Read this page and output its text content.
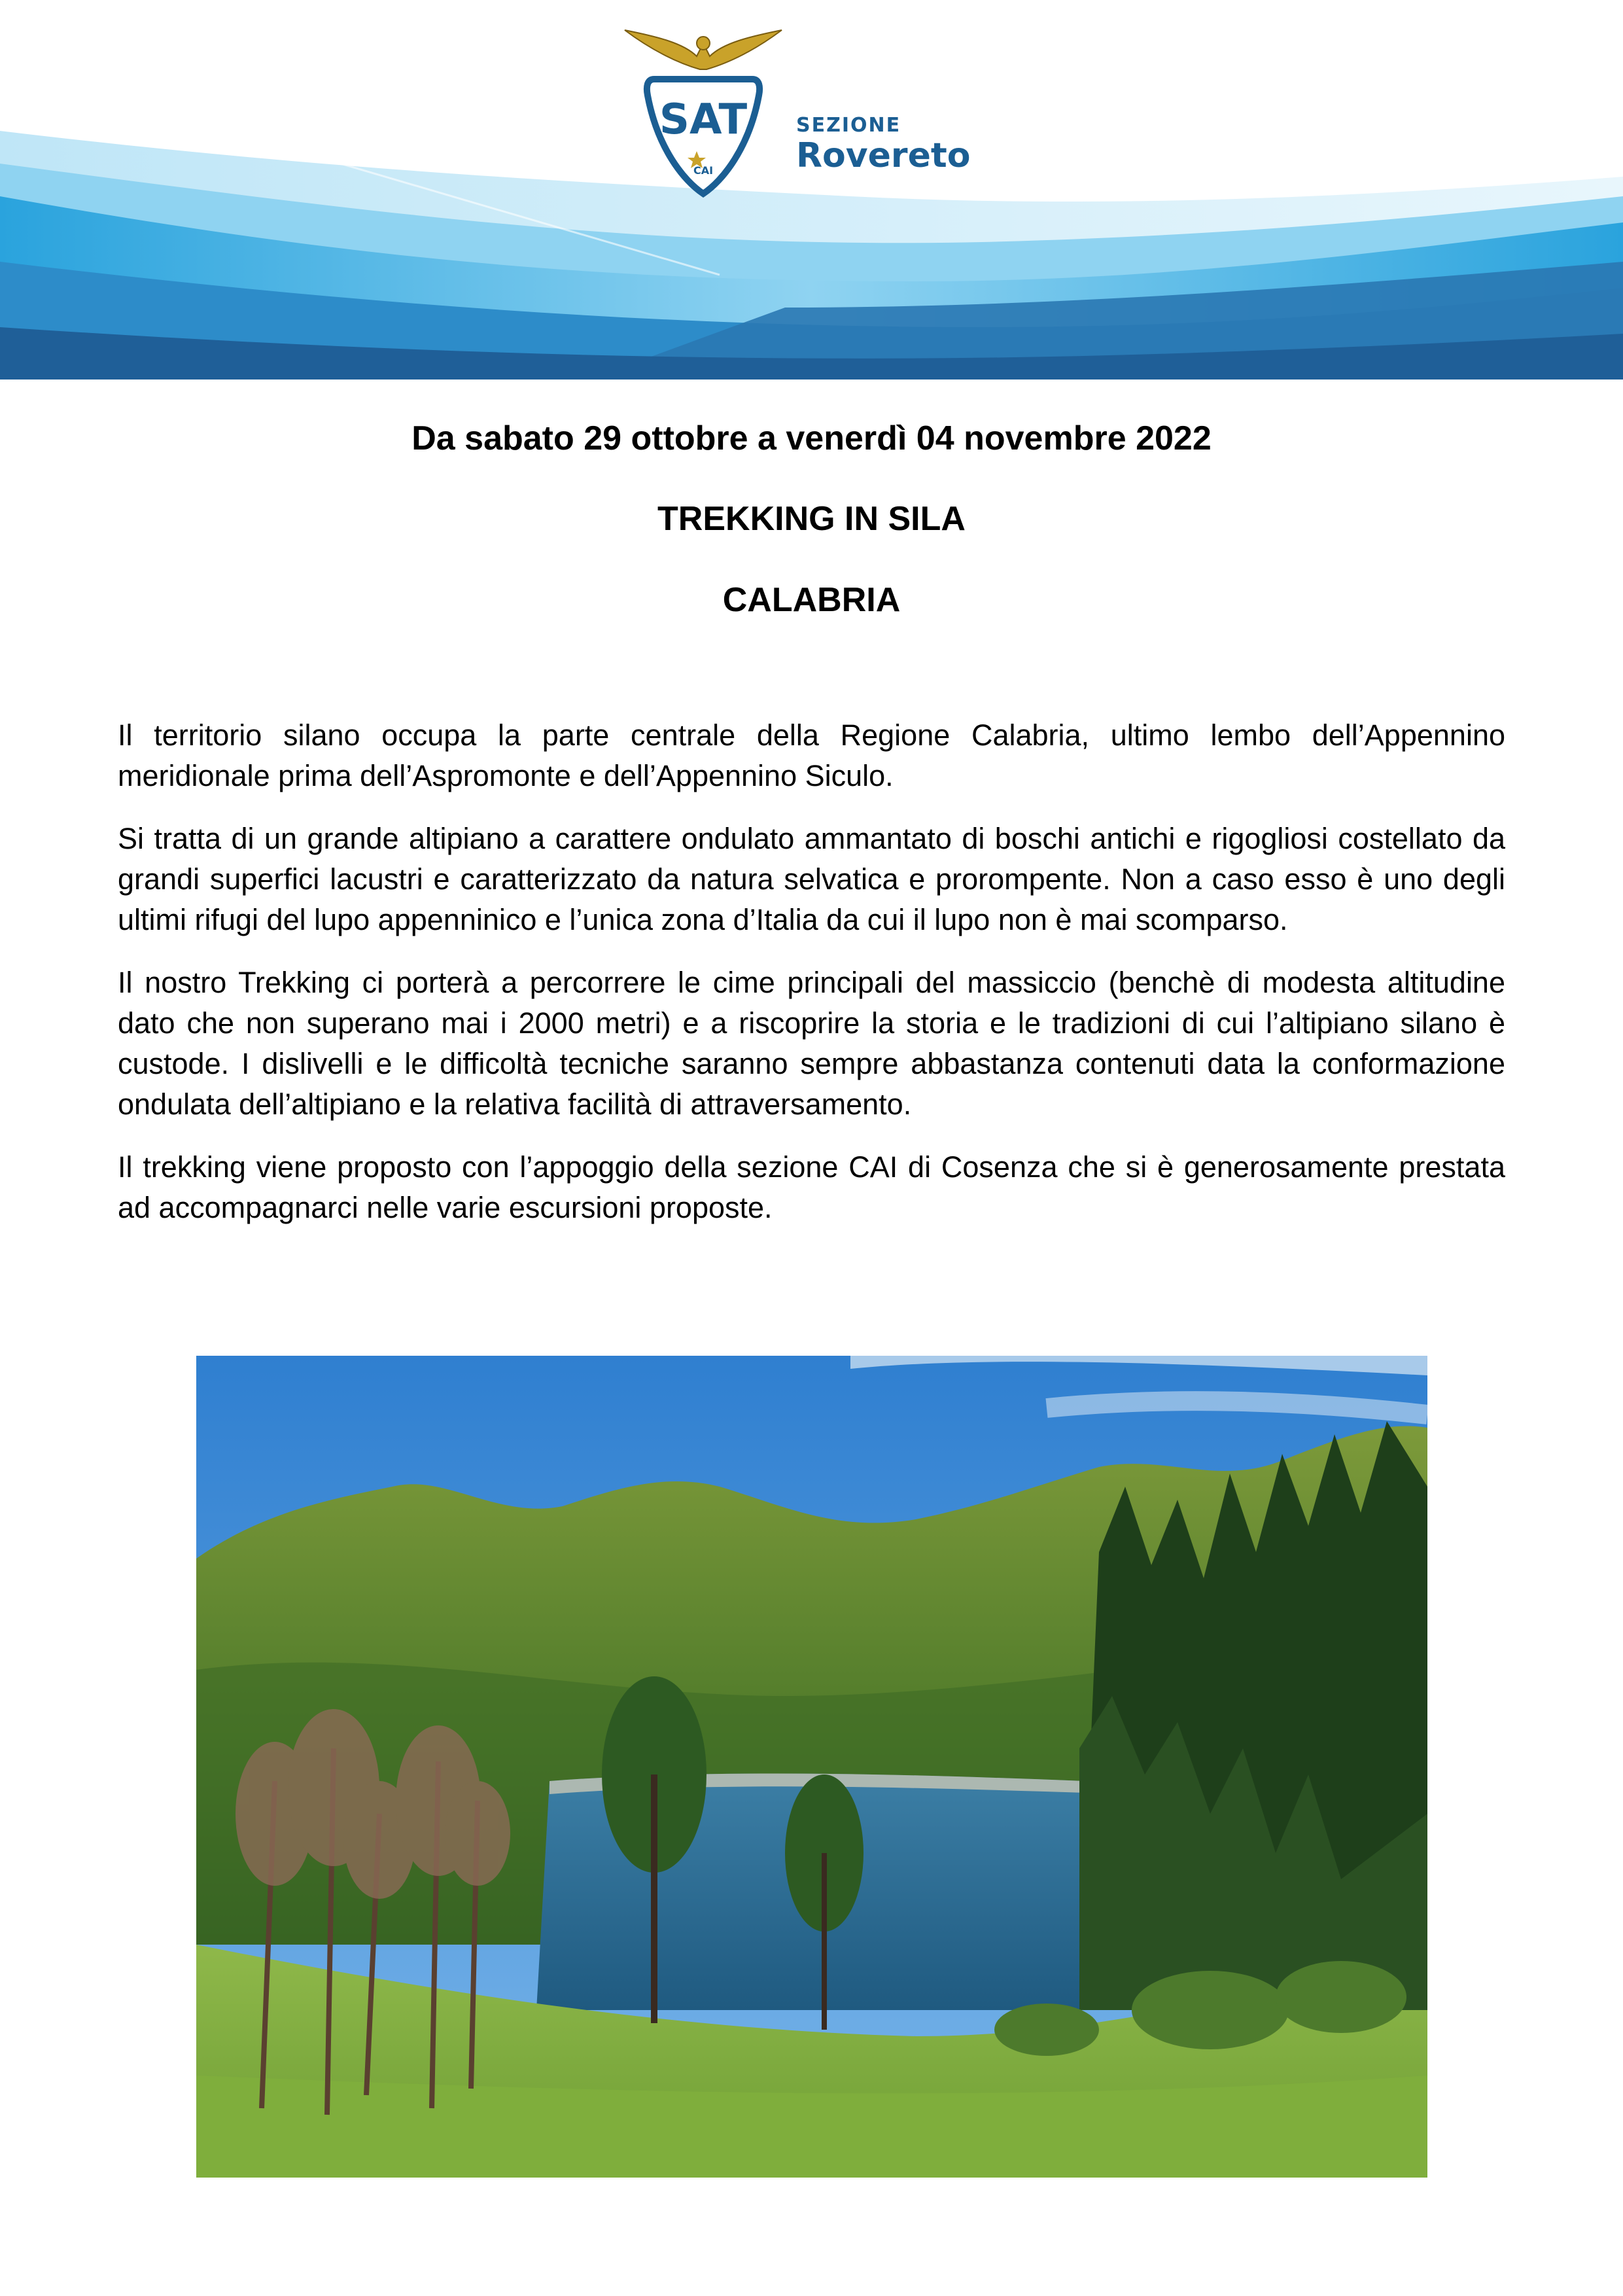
SAT
CAI
SEZIONE
Rovereto
Da sabato 29 ottobre a venerdì 04 novembre 2022
TREKKING IN SILA
CALABRIA

Il territorio silano occupa la parte centrale della Regione Calabria, ultimo lembo dell’Appennino meridionale prima dell’Aspromonte e dell’Appennino Siculo.

Si tratta di un grande altipiano a carattere ondulato ammantato di boschi antichi e rigogliosi costellato da grandi superfici lacustri e caratterizzato da natura selvatica e prorompente. Non a caso esso è uno degli ultimi rifugi del lupo appenninico e l’unica zona d’Italia da cui il lupo non è mai scomparso.

Il nostro Trekking ci porterà a percorrere le cime principali del massiccio (benchè di modesta altitudine dato che non superano mai i 2000 metri) e a riscoprire la storia e le tradizioni di cui l’altipiano silano è custode. I dislivelli e le difficoltà tecniche saranno sempre abbastanza contenuti data la conformazione ondulata dell’altipiano e la relativa facilità di attraversamento.

Il trekking viene proposto con l’appoggio della sezione CAI di Cosenza che si è generosamente prestata ad accompagnarci nelle varie escursioni proposte.
